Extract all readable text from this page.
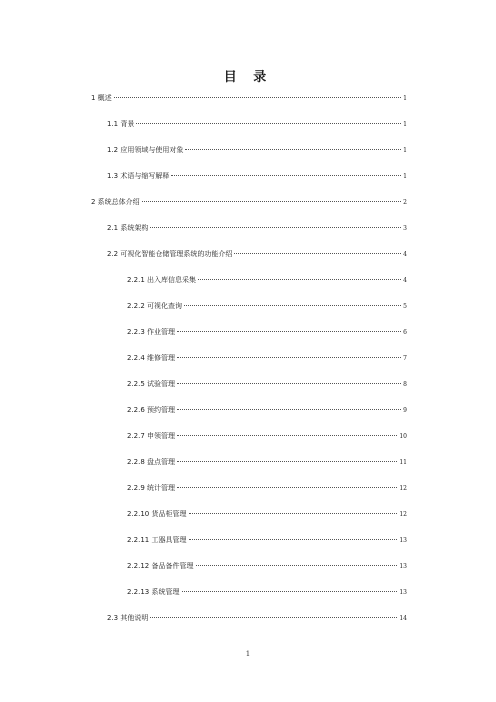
目 录
1 概述	1
1.1 背景	1
1.2 应用领域与使用对象	1
1.3 术语与缩写解释	1
2 系统总体介绍	2
2.1 系统架构	3
2.2 可视化智能仓储管理系统的功能介绍	4
2.2.1 出入库信息采集	4
2.2.2 可视化查询	5
2.2.3 作业管理	6
2.2.4 维修管理	7
2.2.5 试验管理	8
2.2.6 预约管理	9
2.2.7 申领管理	10
2.2.8 盘点管理	11
2.2.9 统计管理	12
2.2.10 货品柜管理	12
2.2.11 工器具管理	13
2.2.12 备品备件管理	13
2.2.13 系统管理	13
2.3 其他说明	14
1
